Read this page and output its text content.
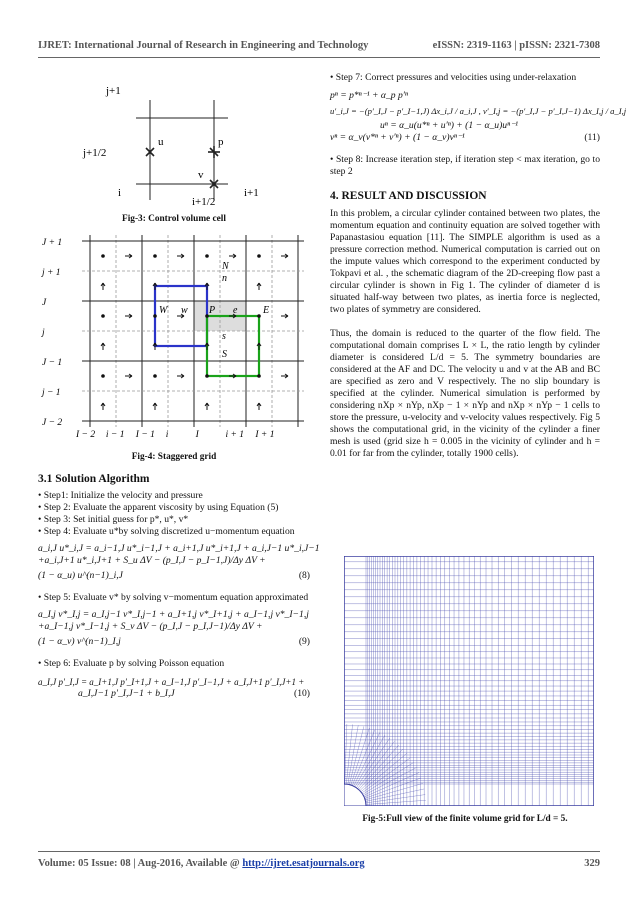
IJRET: International Journal of Research in Engineering and Technology	eISSN: 2319-1163 | pISSN: 2321-7308
j+1
u	p
j+1/2
v
i
i+1/2
i+1

Fig-3: Control volume cell

J + 1
j + 1
J
j
J − 1
j − 1
J − 2
I − 2 i − 1 I − 1 i	I	i + 1 I + 1
N
n
W w P e	E
s
S

Fig-4: Staggered grid

3.1 Solution Algorithm

• Step1: Initialize the velocity and pressure

• Step 2: Evaluate the apparent viscosity by using Equation (5)

• Step 3: Set initial guess for p*, u*, v*

• Step 4: Evaluate u*by solving discretized u−momentum equation

a_i,J u*_i,J = a_i−1,J u*_i−1,J + a_i+1,J u*_i+1,J + a_i,J−1 u*_i,J−1
+a_i,J+1 u*_i,J+1 + S_u ΔV − (p_I,J − p_I−1,J)/Δy ΔV +
(1 − α_u) u^(n−1)_i,J	(8)

• Step 5: Evaluate v* by solving v−momentum equation approximated

a_I,j v*_I,j = a_I,j−1 v*_I,j−1 + a_I+1,j v*_I+1,j + a_I−1,j v*_I−1,j
+a_I−1,j v*_I−1,j + S_v ΔV − (p_I,J − p_I,J−1)/Δy ΔV +
(1 − α_v) v^(n−1)_I,j	(9)

• Step 6: Evaluate p by solving Poisson equation

a_I,J p′_I,J = a_I+1,J p′_I+1,J + a_I−1,J p′_I−1,J + a_I,J+1 p′_I,J+1 +
a_I,J−1 p′_I,J−1 + b_I,J	(10)

• Step 7: Correct pressures and velocities using under-relaxation

pⁿ = p*ⁿ⁻¹ + α_p p′ⁿ
u′_i,J = −(p′_I,J − p′_I−1,J) Δx_i,J / a_i,J , v′_I,j = −(p′_I,J − p′_I,J−1) Δx_I,j / a_I,j
uⁿ = α_u(u*ⁿ + u′ⁿ) + (1 − α_u)uⁿ⁻¹
vⁿ = α_v(v*ⁿ + v′ⁿ) + (1 − α_v)vⁿ⁻¹	(11)

• Step 8: Increase iteration step, if iteration step < max iteration, go to step 2

4. RESULT AND DISCUSSION

In this problem, a circular cylinder contained between two plates, the momentum equation and continuity equation are solved together with Papanastasiou equation [11]. The SIMPLE algorithm is used as a pressure correction method. Numerical computation is carried out on the impute values which correspond to the experiment conducted by Tokpavi et al. , the schematic diagram of the 2D-creeping flow past a circular cylinder is shown in Fig 1. The cylinder of diameter d is situated half-way between two plates, as inertia force is neglected, two plates of symmetry are considered.

Thus, the domain is reduced to the quarter of the flow field. The computational domain comprises L × L, the ratio length by cylinder diameter is considered L/d = 5. The symmetry boundaries are considered at the AF and DC. The velocity u and v at the AB and BC are specified as zero and V respectively. The no slip boundary is specified at the cylinder. Numerical simulation is performed by considering nXp × nYp, nXp − 1 × nYp and nXp × nYp − 1 cells to store the pressure, u-velocity and v-velocity values respectively. Fig 5 shows the computational grid, in the vicinity of the cylinder a finer mesh is used (grid size h = 0.005 in the vicinity of cylinder and h = 0.01 for far from the cylinder, totally 1900 cells).

Fig-5:Full view of the finite volume grid for L/d = 5.

Volume: 05 Issue: 08 | Aug-2016, Available @ http://ijret.esatjournals.org	329
